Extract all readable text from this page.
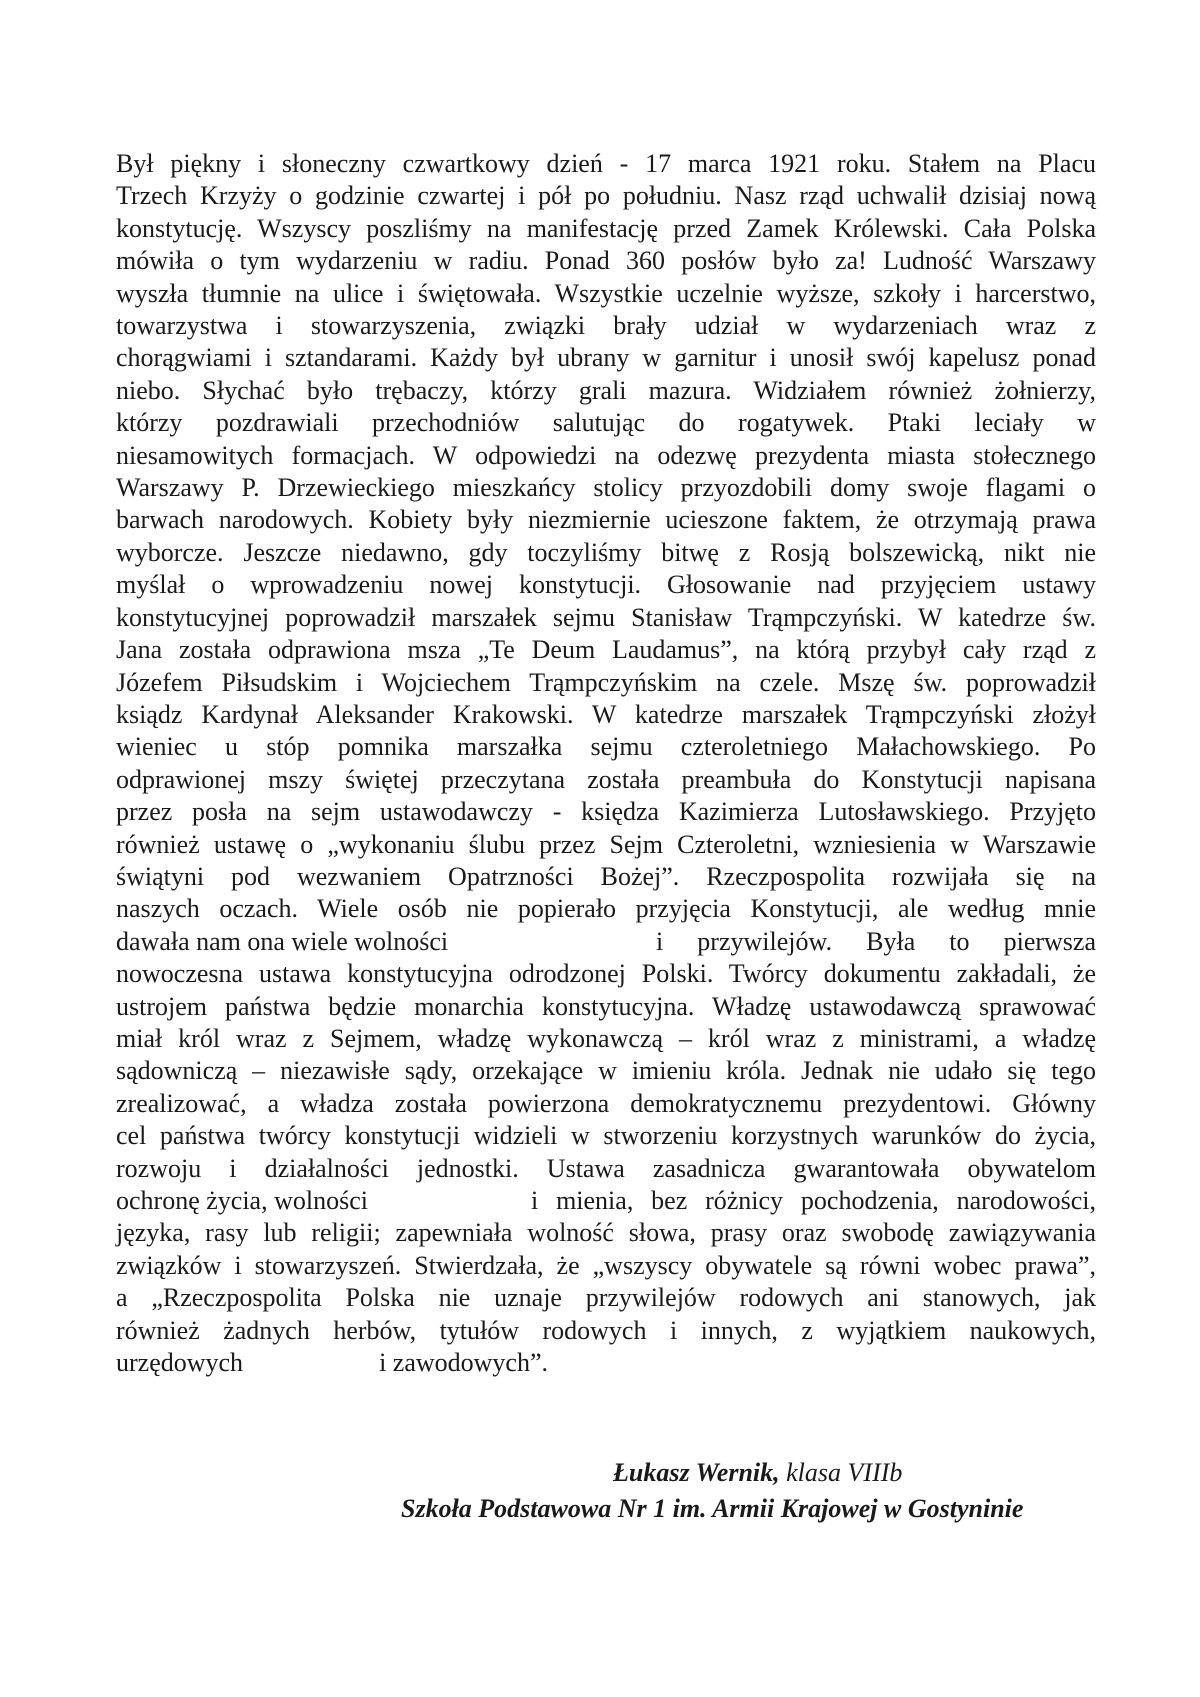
Był piękny i słoneczny czwartkowy dzień - 17 marca 1921 roku. Stałem na Placu
Trzech Krzyży o godzinie czwartej i pół po południu. Nasz rząd uchwalił dzisiaj nową
konstytucję. Wszyscy poszliśmy na manifestację przed Zamek Królewski. Cała Polska
mówiła o tym wydarzeniu w radiu. Ponad 360 posłów było za! Ludność Warszawy
wyszła tłumnie na ulice i świętowała. Wszystkie uczelnie wyższe, szkoły i harcerstwo,
towarzystwa i stowarzyszenia, związki brały udział w wydarzeniach wraz z
chorągwiami i sztandarami. Każdy był ubrany w garnitur i unosił swój kapelusz ponad
niebo. Słychać było trębaczy, którzy grali mazura. Widziałem również żołnierzy,
którzy pozdrawiali przechodniów salutując do rogatywek. Ptaki leciały w
niesamowitych formacjach. W odpowiedzi na odezwę prezydenta miasta stołecznego
Warszawy P. Drzewieckiego mieszkańcy stolicy przyozdobili domy swoje flagami o
barwach narodowych. Kobiety były niezmiernie ucieszone faktem, że otrzymają prawa
wyborcze. Jeszcze niedawno, gdy toczyliśmy bitwę z Rosją bolszewicką, nikt nie
myślał o wprowadzeniu nowej konstytucji. Głosowanie nad przyjęciem ustawy
konstytucyjnej poprowadził marszałek sejmu Stanisław Trąmpczyński. W katedrze św.
Jana została odprawiona msza „Te Deum Laudamus”, na którą przybył cały rząd z
Józefem Piłsudskim i Wojciechem Trąmpczyńskim na czele. Mszę św. poprowadził
ksiądz Kardynał Aleksander Krakowski. W katedrze marszałek Trąmpczyński złożył
wieniec u stóp pomnika marszałka sejmu czteroletniego Małachowskiego. Po
odprawionej mszy świętej przeczytana została preambuła do Konstytucji napisana
przez posła na sejm ustawodawczy - księdza Kazimierza Lutosławskiego. Przyjęto
również ustawę o „wykonaniu ślubu przez Sejm Czteroletni, wzniesienia w Warszawie
świątyni pod wezwaniem Opatrzności Bożej”. Rzeczpospolita rozwijała się na
naszych oczach. Wiele osób nie popierało przyjęcia Konstytucji, ale według mnie
dawała nam ona wiele wolności	i przywilejów. Była to pierwsza
nowoczesna ustawa konstytucyjna odrodzonej Polski. Twórcy dokumentu zakładali, że
ustrojem państwa będzie monarchia konstytucyjna. Władzę ustawodawczą sprawować
miał król wraz z Sejmem, władzę wykonawczą – król wraz z ministrami, a władzę
sądowniczą – niezawisłe sądy, orzekające w imieniu króla. Jednak nie udało się tego
zrealizować, a władza została powierzona demokratycznemu prezydentowi. Główny
cel państwa twórcy konstytucji widzieli w stworzeniu korzystnych warunków do życia,
rozwoju i działalności jednostki. Ustawa zasadnicza gwarantowała obywatelom
ochronę życia, wolności	i mienia, bez różnicy pochodzenia, narodowości,
języka, rasy lub religii; zapewniała wolność słowa, prasy oraz swobodę zawiązywania
związków i stowarzyszeń. Stwierdzała, że „wszyscy obywatele są równi wobec prawa”,
a „Rzeczpospolita Polska nie uznaje przywilejów rodowych ani stanowych, jak
również żadnych herbów, tytułów rodowych i innych, z wyjątkiem naukowych,
urzędowych	i zawodowych”.
Łukasz Wernik, klasa VIIIb
Szkoła Podstawowa Nr 1 im. Armii Krajowej w Gostyninie
